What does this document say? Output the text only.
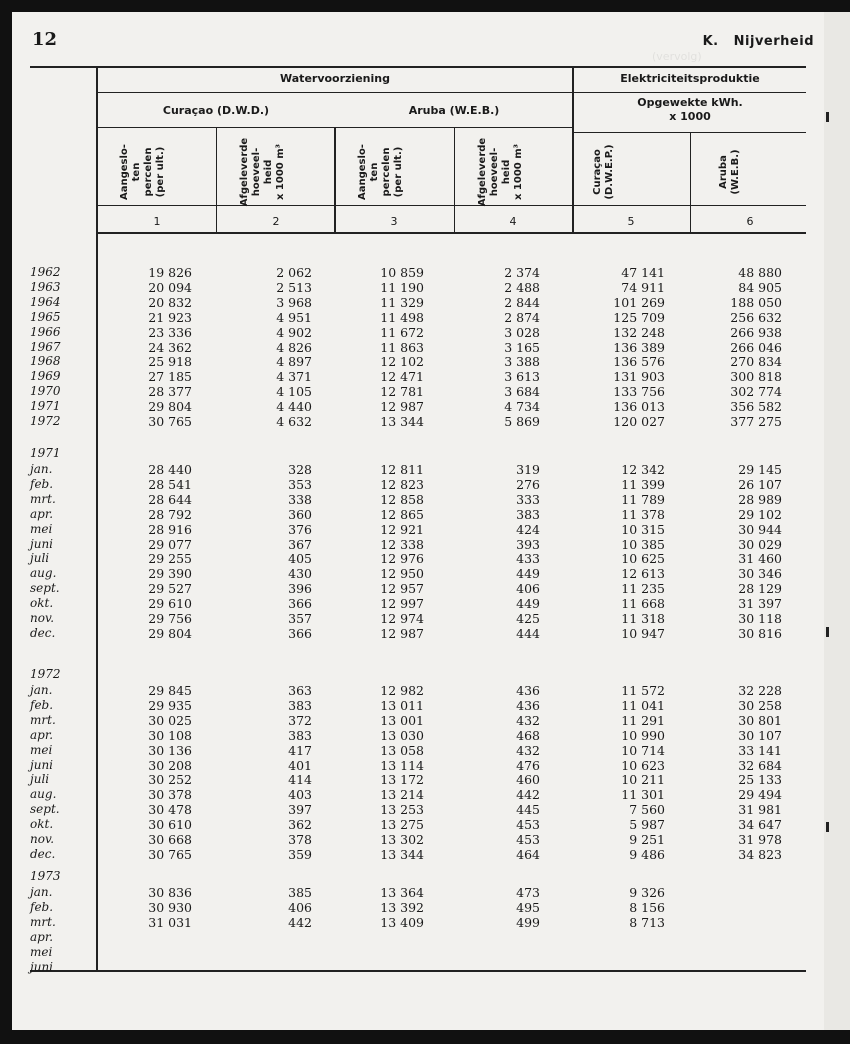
(vervolg)
12	K.   Nijverheid
Watervoorziening	Elektriciteitsproduktie
Curaçao (D.W.D.)	Aruba (W.E.B.)
Opgewekte kWh.
x 1000
Aangeslo-
ten
percelen
(per ult.)	Afgeleverde
hoeveel-
heid
x 1000 m³	Aangeslo-
ten
percelen
(per ult.)	Afgeleverde
hoeveel-
heid
x 1000 m³	Curaçao
(D.W.E.P.)	Aruba
(W.E.B.)
1	2	3	4	5	6
1962	19 826	2 062	10 859	2 374	47 141	48 880
1963	20 094	2 513	11 190	2 488	74 911	84 905
1964	20 832	3 968	11 329	2 844	101 269	188 050
1965	21 923	4 951	11 498	2 874	125 709	256 632
1966	23 336	4 902	11 672	3 028	132 248	266 938
1967	24 362	4 826	11 863	3 165	136 389	266 046
1968	25 918	4 897	12 102	3 388	136 576	270 834
1969	27 185	4 371	12 471	3 613	131 903	300 818
1970	28 377	4 105	12 781	3 684	133 756	302 774
1971	29 804	4 440	12 987	4 734	136 013	356 582
1972	30 765	4 632	13 344	5 869	120 027	377 275
1971
jan.	28 440	328	12 811	319	12 342	29 145
feb.	28 541	353	12 823	276	11 399	26 107
mrt.	28 644	338	12 858	333	11 789	28 989
apr.	28 792	360	12 865	383	11 378	29 102
mei	28 916	376	12 921	424	10 315	30 944
juni	29 077	367	12 338	393	10 385	30 029
juli	29 255	405	12 976	433	10 625	31 460
aug.	29 390	430	12 950	449	12 613	30 346
sept.	29 527	396	12 957	406	11 235	28 129
okt.	29 610	366	12 997	449	11 668	31 397
nov.	29 756	357	12 974	425	11 318	30 118
dec.	29 804	366	12 987	444	10 947	30 816
1972
jan.	29 845	363	12 982	436	11 572	32 228
feb.	29 935	383	13 011	436	11 041	30 258
mrt.	30 025	372	13 001	432	11 291	30 801
apr.	30 108	383	13 030	468	10 990	30 107
mei	30 136	417	13 058	432	10 714	33 141
juni	30 208	401	13 114	476	10 623	32 684
juli	30 252	414	13 172	460	10 211	25 133
aug.	30 378	403	13 214	442	11 301	29 494
sept.	30 478	397	13 253	445	7 560	31 981
okt.	30 610	362	13 275	453	5 987	34 647
nov.	30 668	378	13 302	453	9 251	31 978
dec.	30 765	359	13 344	464	9 486	34 823
1973
jan.	30 836	385	13 364	473	9 326
feb.	30 930	406	13 392	495	8 156
mrt.	31 031	442	13 409	499	8 713
apr.
mei
juni
